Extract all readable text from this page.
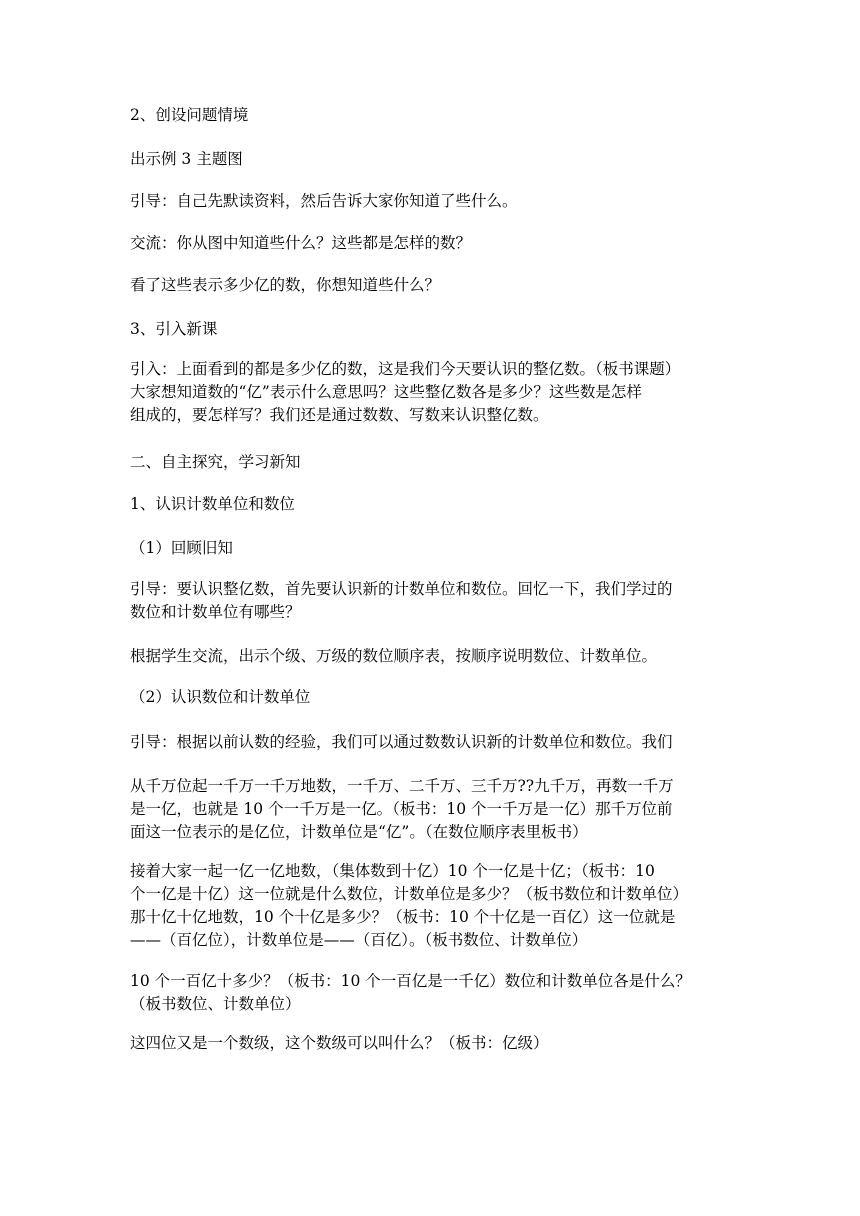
2、创设问题情境

出示例 3 主题图

引导：自己先默读资料，然后告诉大家你知道了些什么。

交流：你从图中知道些什么？这些都是怎样的数？

看了这些表示多少亿的数，你想知道些什么？

3、引入新课

引入：上面看到的都是多少亿的数，这是我们今天要认识的整亿数。（板书课题）
大家想知道数的“亿”表示什么意思吗？这些整亿数各是多少？这些数是怎样
组成的，要怎样写？我们还是通过数数、写数来认识整亿数。

二、自主探究，学习新知

1、认识计数单位和数位

（1）回顾旧知

引导：要认识整亿数，首先要认识新的计数单位和数位。回忆一下，我们学过的
数位和计数单位有哪些？

根据学生交流，出示个级、万级的数位顺序表，按顺序说明数位、计数单位。

（2）认识数位和计数单位

引导：根据以前认数的经验，我们可以通过数数认识新的计数单位和数位。我们

从千万位起一千万一千万地数，一千万、二千万、三千万??九千万，再数一千万
是一亿，也就是 10 个一千万是一亿。（板书：10 个一千万是一亿）那千万位前
面这一位表示的是亿位，计数单位是“亿”。（在数位顺序表里板书）

接着大家一起一亿一亿地数，（集体数到十亿）10 个一亿是十亿；（板书：10
个一亿是十亿）这一位就是什么数位，计数单位是多少？（板书数位和计数单位）
那十亿十亿地数，10 个十亿是多少？（板书：10 个十亿是一百亿）这一位就是
——（百亿位），计数单位是——（百亿）。（板书数位、计数单位）

10 个一百亿十多少？（板书：10 个一百亿是一千亿）数位和计数单位各是什么？
（板书数位、计数单位）

这四位又是一个数级，这个数级可以叫什么？（板书：亿级）
